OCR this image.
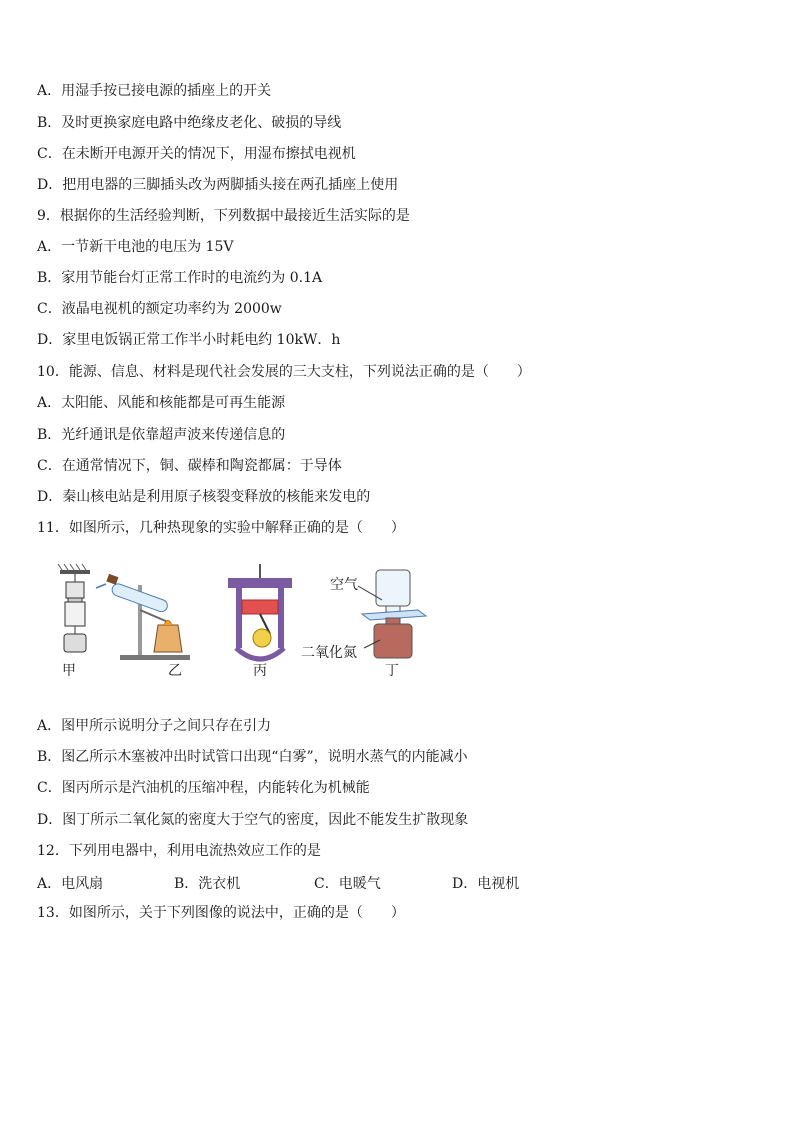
A．用湿手按已接电源的插座上的开关
B．及时更换家庭电路中绝缘皮老化、破损的导线
C．在未断开电源开关的情况下，用湿布擦拭电视机
D．把用电器的三脚插头改为两脚插头接在两孔插座上使用
9．根据你的生活经验判断，下列数据中最接近生活实际的是
A．一节新干电池的电压为 15V
B．家用节能台灯正常工作时的电流约为 0.1A
C．液晶电视机的额定功率约为 2000w
D．家里电饭锅正常工作半小时耗电约 10kW．h
10．能源、信息、材料是现代社会发展的三大支柱，下列说法正确的是（　　）
A．太阳能、风能和核能都是可再生能源
B．光纤通讯是依靠超声波来传递信息的
C．在通常情况下，铜、碳棒和陶瓷都属：于导体
D．秦山核电站是利用原子核裂变释放的核能来发电的
11．如图所示，几种热现象的实验中解释正确的是（　　）
空气
二氧化氮
甲	乙	丙	丁
A．图甲所示说明分子之间只存在引力
B．图乙所示木塞被冲出时试管口出现“白雾”，说明水蒸气的内能减小
C．图丙所示是汽油机的压缩冲程，内能转化为机械能
D．图丁所示二氧化氮的密度大于空气的密度，因此不能发生扩散现象
12．下列用电器中，利用电流热效应工作的是
A．电风扇	B．洗衣机	C．电暖气	D．电视机
13．如图所示，关于下列图像的说法中，正确的是（　　）
